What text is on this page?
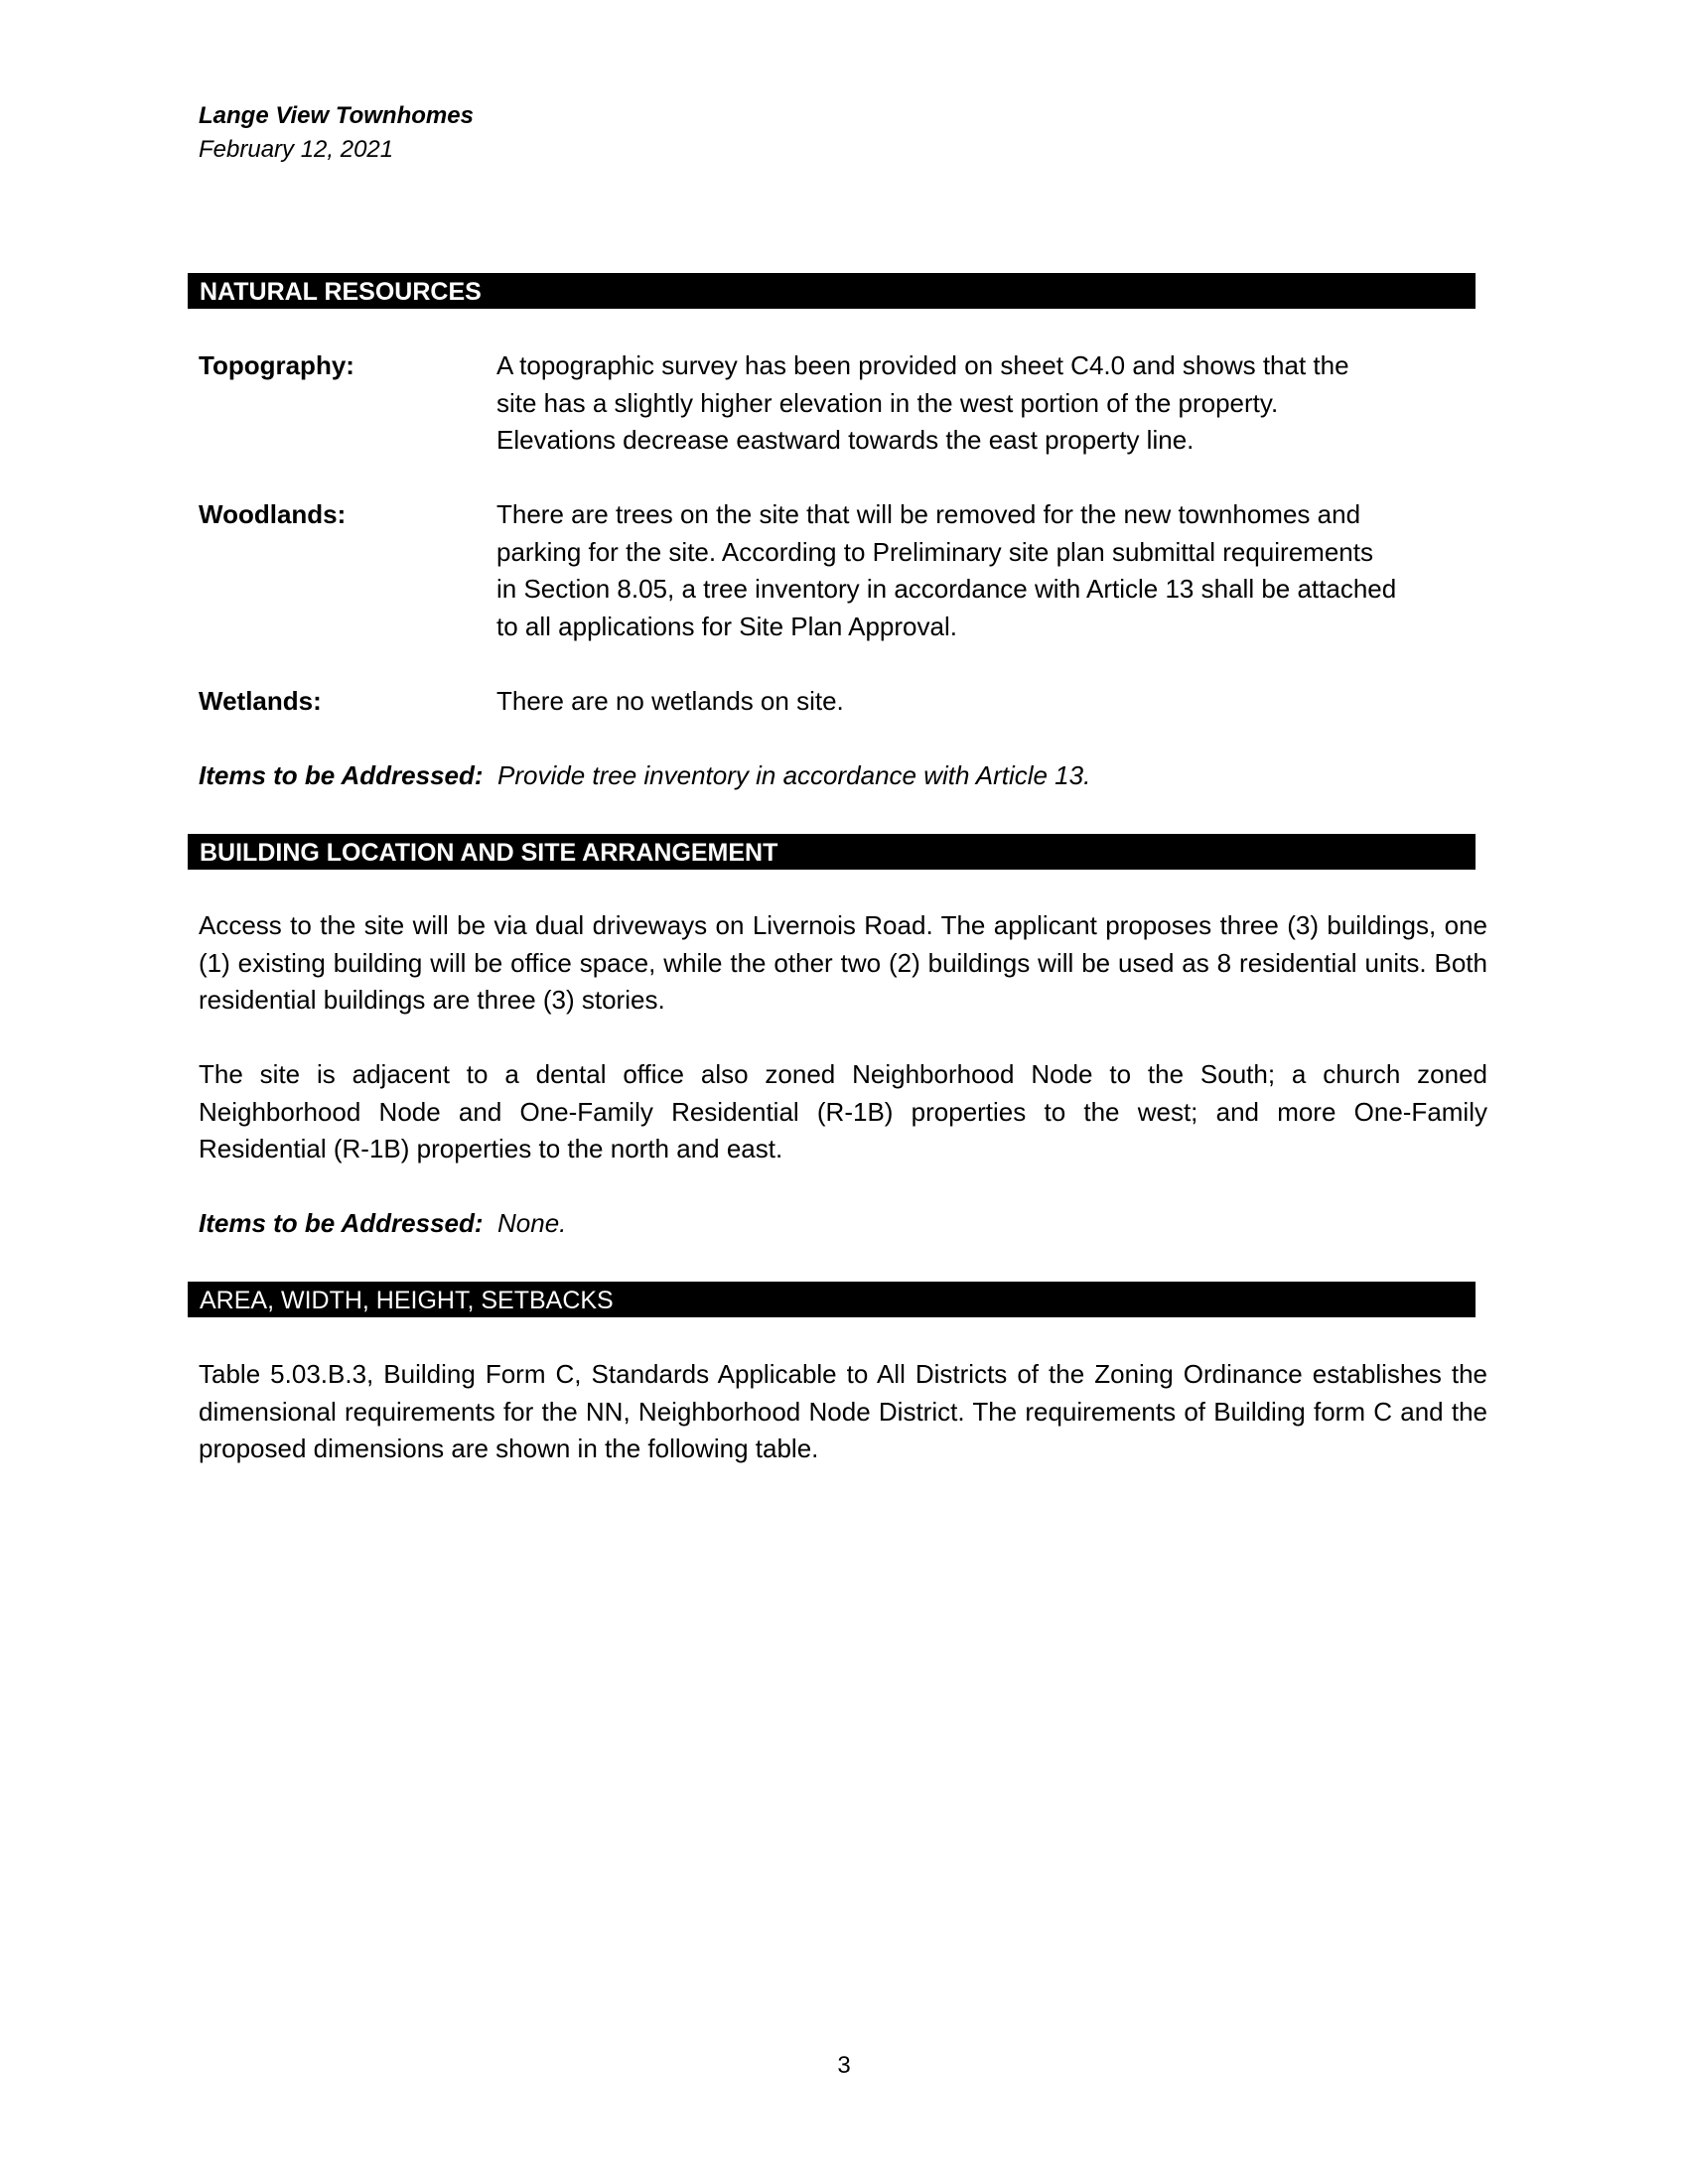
Lange View Townhomes
February 12, 2021
NATURAL RESOURCES
Topography:	A topographic survey has been provided on sheet C4.0 and shows that the
site has a slightly higher elevation in the west portion of the property.
Elevations decrease eastward towards the east property line.
Woodlands:	There are trees on the site that will be removed for the new townhomes and
parking for the site. According to Preliminary site plan submittal requirements
in Section 8.05, a tree inventory in accordance with Article 13 shall be attached
to all applications for Site Plan Approval.
Wetlands:	There are no wetlands on site.
Items to be Addressed: Provide tree inventory in accordance with Article 13.
BUILDING LOCATION AND SITE ARRANGEMENT
Access to the site will be via dual driveways on Livernois Road. The applicant proposes three (3) buildings, one (1) existing building will be office space, while the other two (2) buildings will be used as 8 residential units. Both residential buildings are three (3) stories.
The site is adjacent to a dental office also zoned Neighborhood Node to the South; a church zoned Neighborhood Node and One-Family Residential (R-1B) properties to the west; and more One-Family Residential (R-1B) properties to the north and east.
Items to be Addressed: None.
AREA, WIDTH, HEIGHT, SETBACKS
Table 5.03.B.3, Building Form C, Standards Applicable to All Districts of the Zoning Ordinance establishes the dimensional requirements for the NN, Neighborhood Node District. The requirements of Building form C and the proposed dimensions are shown in the following table.
3
